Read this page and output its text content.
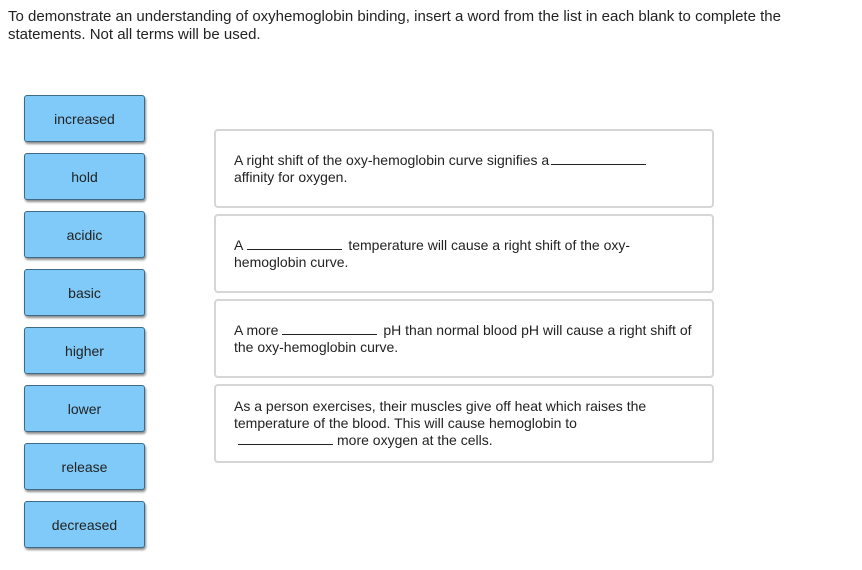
To demonstrate an understanding of oxyhemoglobin binding, insert a word from the list in each blank to complete the statements. Not all terms will be used.
increased
hold
acidic
basic
higher
lower
release
decreased

A right shift of the oxy-hemoglobin curve signifies a
affinity for oxygen.

A	temperature will cause a right shift of the oxy-hemoglobin curve.

A more	pH than normal blood pH will cause a right shift of the oxy-hemoglobin curve.

As a person exercises, their muscles give off heat which raises the temperature of the blood. This will cause hemoglobin to
more oxygen at the cells.
